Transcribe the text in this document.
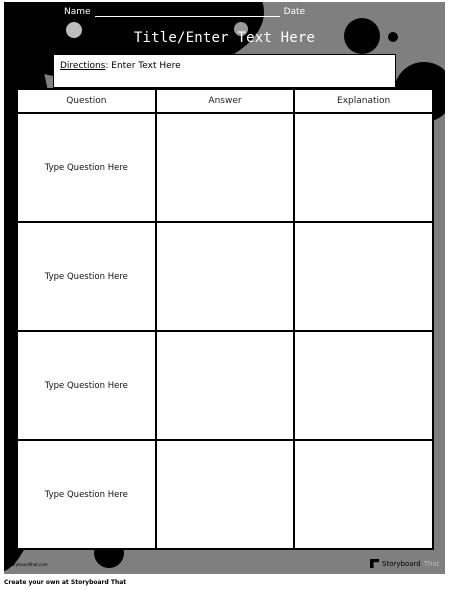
Name	Date
Title/Enter Text Here
Directions: Enter Text Here
Question	Answer	Explanation
Type Question Here		
Type Question Here		
Type Question Here		
Type Question Here		
storyboardthat.com	Storyboard That
Create your own at Storyboard That
